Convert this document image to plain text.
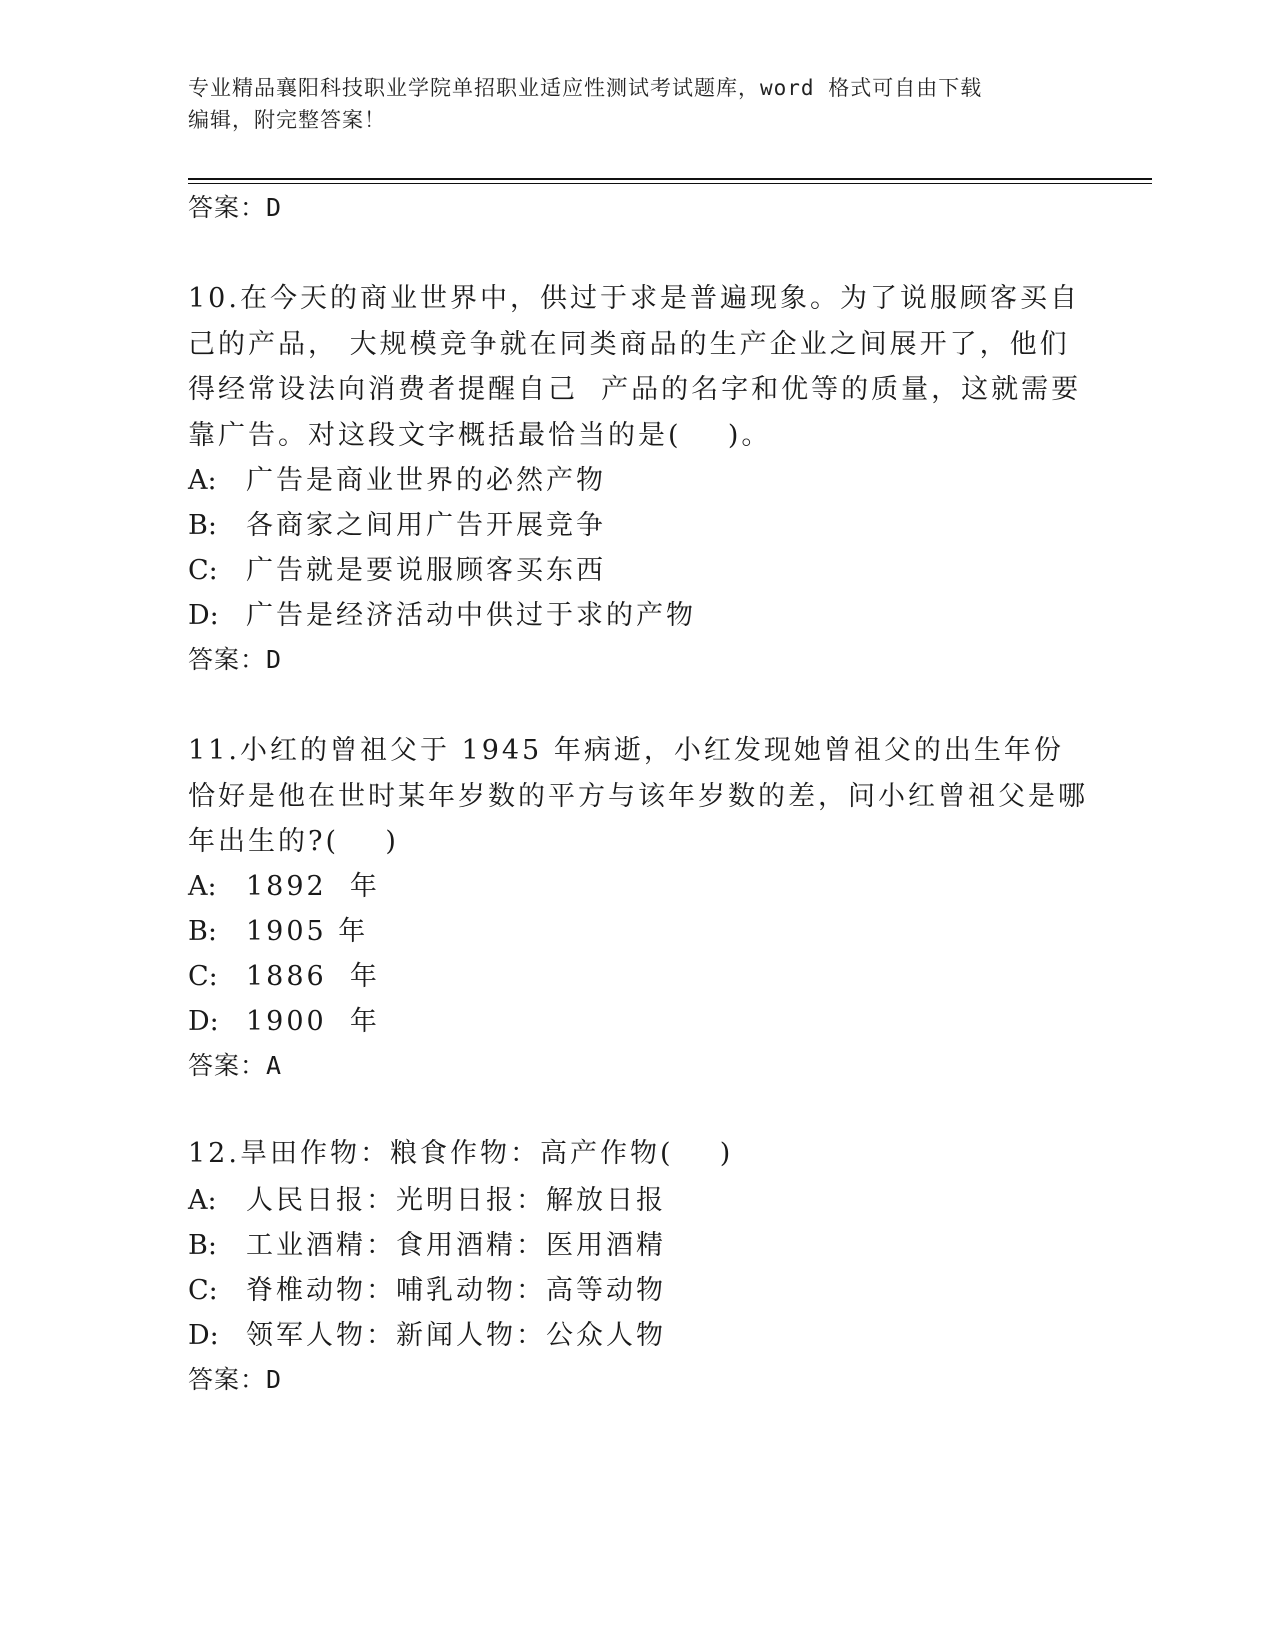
专业精品襄阳科技职业学院单招职业适应性测试考试题库，word 格式可自由下载
编辑，附完整答案！
答案：D
10.在今天的商业世界中，供过于求是普遍现象。为了说服顾客买自己的产品， 大规模竞争就在同类商品的生产企业之间展开了，他们得经常设法向消费者提醒自己  产品的名字和优等的质量，这就需要靠广告。对这段文字概括最恰当的是(    )。
A: 广告是商业世界的必然产物
B: 各商家之间用广告开展竞争
C: 广告就是要说服顾客买东西
D: 广告是经济活动中供过于求的产物
答案：D
11.小红的曾祖父于 1945 年病逝，小红发现她曾祖父的出生年份恰好是他在世时某年岁数的平方与该年岁数的差，问小红曾祖父是哪年出生的?(    )
A: 1892  年
B: 1905 年
C: 1886  年
D: 1900  年
答案：A
12.旱田作物：粮食作物：高产作物(    )
A: 人民日报：光明日报：解放日报
B: 工业酒精：食用酒精：医用酒精
C: 脊椎动物：哺乳动物：高等动物
D: 领军人物：新闻人物：公众人物
答案：D
